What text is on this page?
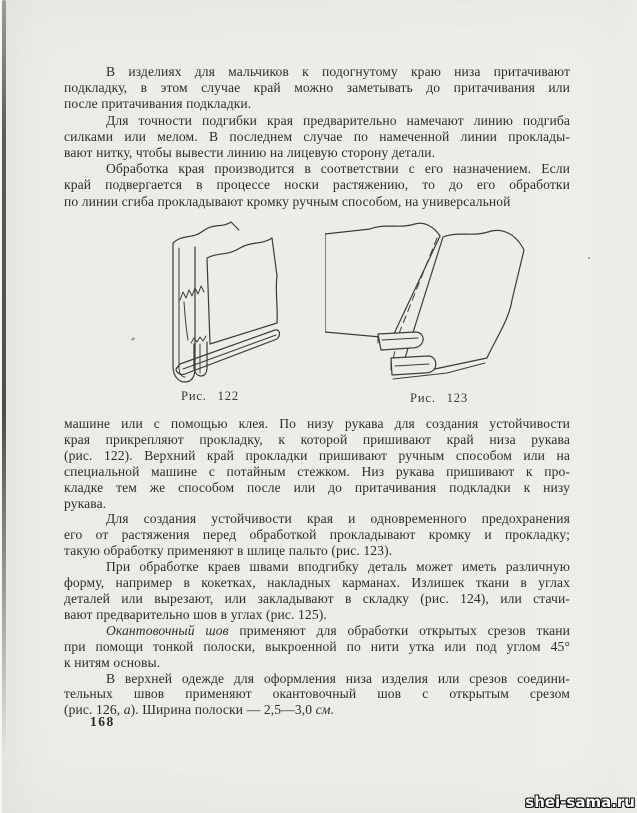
В изделиях для мальчиков к подогнутому краю низа притачивают
подкладку, в этом случае край можно заметывать до притачивания или
после притачивания подкладки.
Для точности подгибки края предварительно намечают линию подгиба
силками или мелом. В последнем случае по намеченной линии проклады-
вают нитку, чтобы вывести линию на лицевую сторону детали.
Обработка края производится в соответствии с его назначением. Если
край подвергается в процессе носки растяжению, то до его обработки
по линии сгиба прокладывают кромку ручным способом, на универсальной
Рис. 122	Рис. 123
машине или с помощью клея. По низу рукава для создания устойчивости
края прикрепляют прокладку, к которой пришивают край низа рукава
(рис. 122). Верхний край прокладки пришивают ручным способом или на
специальной машине с потайным стежком. Низ рукава пришивают к про-
кладке тем же способом после или до притачивания подкладки к низу
рукава.
Для создания устойчивости края и одновременного предохранения
его от растяжения перед обработкой прокладывают кромку и прокладку;
такую обработку применяют в шлице пальто (рис. 123).
При обработке краев швами вподгибку деталь может иметь различную
форму, например в кокетках, накладных карманах. Излишек ткани в углах
деталей или вырезают, или закладывают в складку (рис. 124), или стачи-
вают предварительно шов в углах (рис. 125).
Окантовочный шов применяют для обработки открытых срезов ткани
при помощи тонкой полоски, выкроенной по нити утка или под углом 45°
к нитям основы.
В верхней одежде для оформления низа изделия или срезов соедини-
тельных швов применяют окантовочный шов с открытым срезом
(рис. 126, а). Ширина полоски — 2,5—3,0 см.
168
shei-sama.ru
